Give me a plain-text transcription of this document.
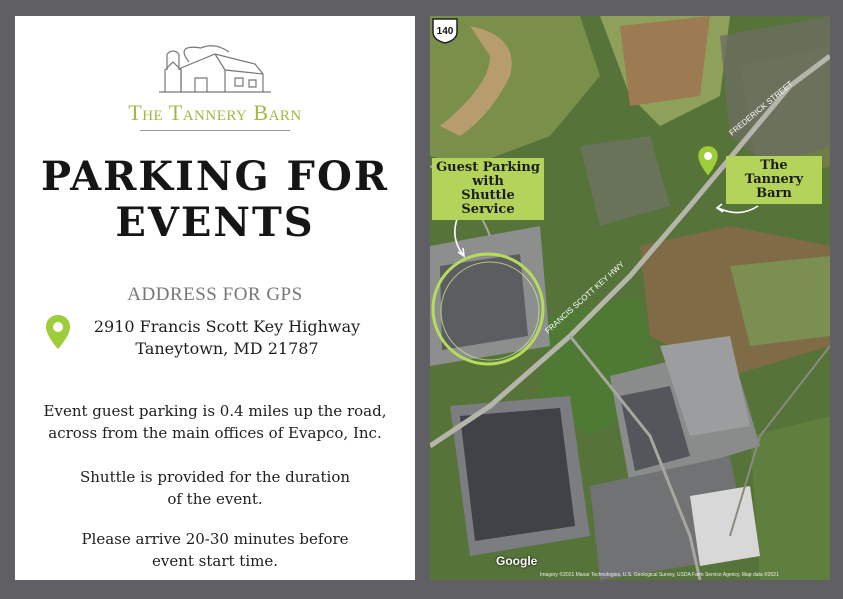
The Tannery Barn
PARKING FOR
EVENTS
ADDRESS FOR GPS
2910 Francis Scott Key Highway
Taneytown, MD 21787
Event guest parking is 0.4 miles up the road,
across from the main offices of Evapco, Inc.
Shuttle is provided for the duration
of the event.
Please arrive 20-30 minutes before
event start time.
FRANCIS SCOTT KEY HWY
FREDERICK STREET
140
Guest Parking
with
Shuttle Service
The Tannery
Barn
Google
Imagery ©2021 Maxar Technologies, U.S. Geological Survey, USDA Farm Service Agency, Map data ©2021
